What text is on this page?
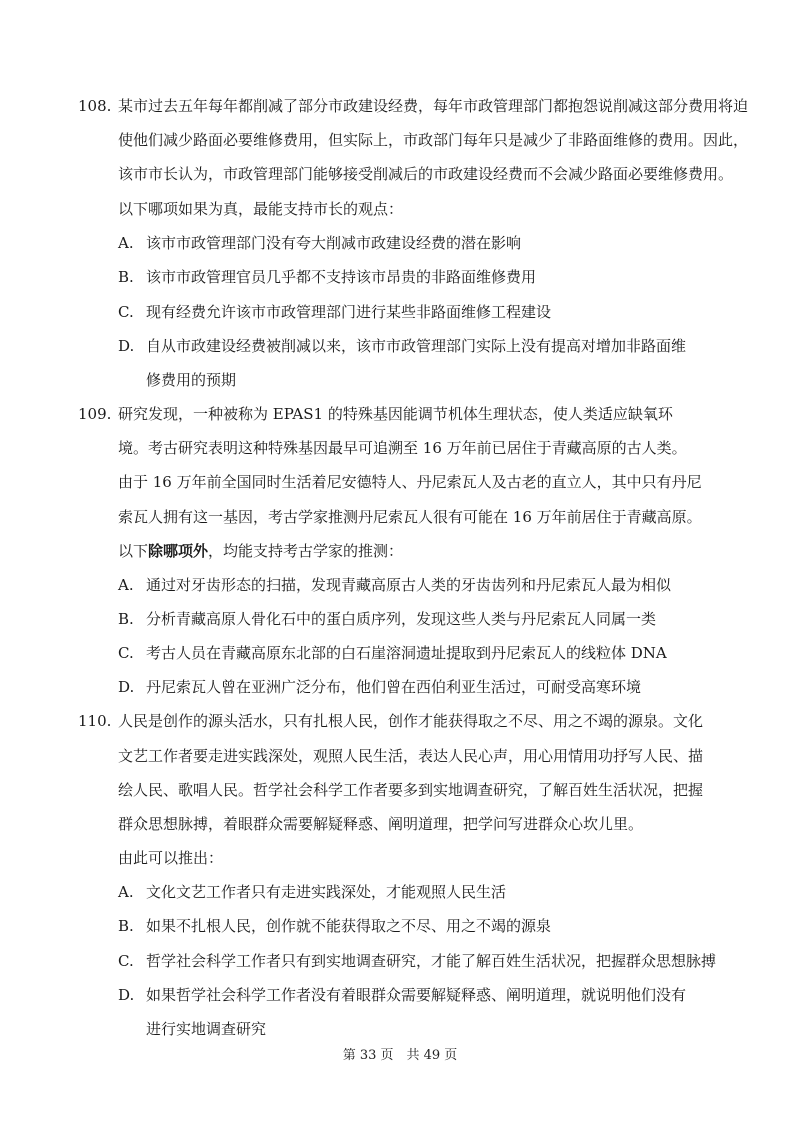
108. 某市过去五年每年都削减了部分市政建设经费，每年市政管理部门都抱怨说削减这部分费用将迫
使他们减少路面必要维修费用，但实际上，市政部门每年只是减少了非路面维修的费用。因此，
该市市长认为，市政管理部门能够接受削减后的市政建设经费而不会减少路面必要维修费用。
以下哪项如果为真，最能支持市长的观点：
A. 该市市政管理部门没有夸大削减市政建设经费的潜在影响
B. 该市市政管理官员几乎都不支持该市昂贵的非路面维修费用
C. 现有经费允许该市市政管理部门进行某些非路面维修工程建设
D. 自从市政建设经费被削减以来，该市市政管理部门实际上没有提高对增加非路面维
修费用的预期
109. 研究发现，一种被称为 EPAS1 的特殊基因能调节机体生理状态，使人类适应缺氧环
境。考古研究表明这种特殊基因最早可追溯至 16 万年前已居住于青藏高原的古人类。
由于 16 万年前全国同时生活着尼安德特人、丹尼索瓦人及古老的直立人，其中只有丹尼
索瓦人拥有这一基因，考古学家推测丹尼索瓦人很有可能在 16 万年前居住于青藏高原。
以下除哪项外，均能支持考古学家的推测：
A. 通过对牙齿形态的扫描，发现青藏高原古人类的牙齿齿列和丹尼索瓦人最为相似
B. 分析青藏高原人骨化石中的蛋白质序列，发现这些人类与丹尼索瓦人同属一类
C. 考古人员在青藏高原东北部的白石崖溶洞遗址提取到丹尼索瓦人的线粒体 DNA
D. 丹尼索瓦人曾在亚洲广泛分布，他们曾在西伯利亚生活过，可耐受高寒环境
110. 人民是创作的源头活水，只有扎根人民，创作才能获得取之不尽、用之不竭的源泉。文化
文艺工作者要走进实践深处，观照人民生活，表达人民心声，用心用情用功抒写人民、描
绘人民、歌唱人民。哲学社会科学工作者要多到实地调查研究，了解百姓生活状况，把握
群众思想脉搏，着眼群众需要解疑释惑、阐明道理，把学问写进群众心坎儿里。
由此可以推出：
A. 文化文艺工作者只有走进实践深处，才能观照人民生活
B. 如果不扎根人民，创作就不能获得取之不尽、用之不竭的源泉
C. 哲学社会科学工作者只有到实地调查研究，才能了解百姓生活状况，把握群众思想脉搏
D. 如果哲学社会科学工作者没有着眼群众需要解疑释惑、阐明道理，就说明他们没有
进行实地调查研究
第 33 页　共 49 页
